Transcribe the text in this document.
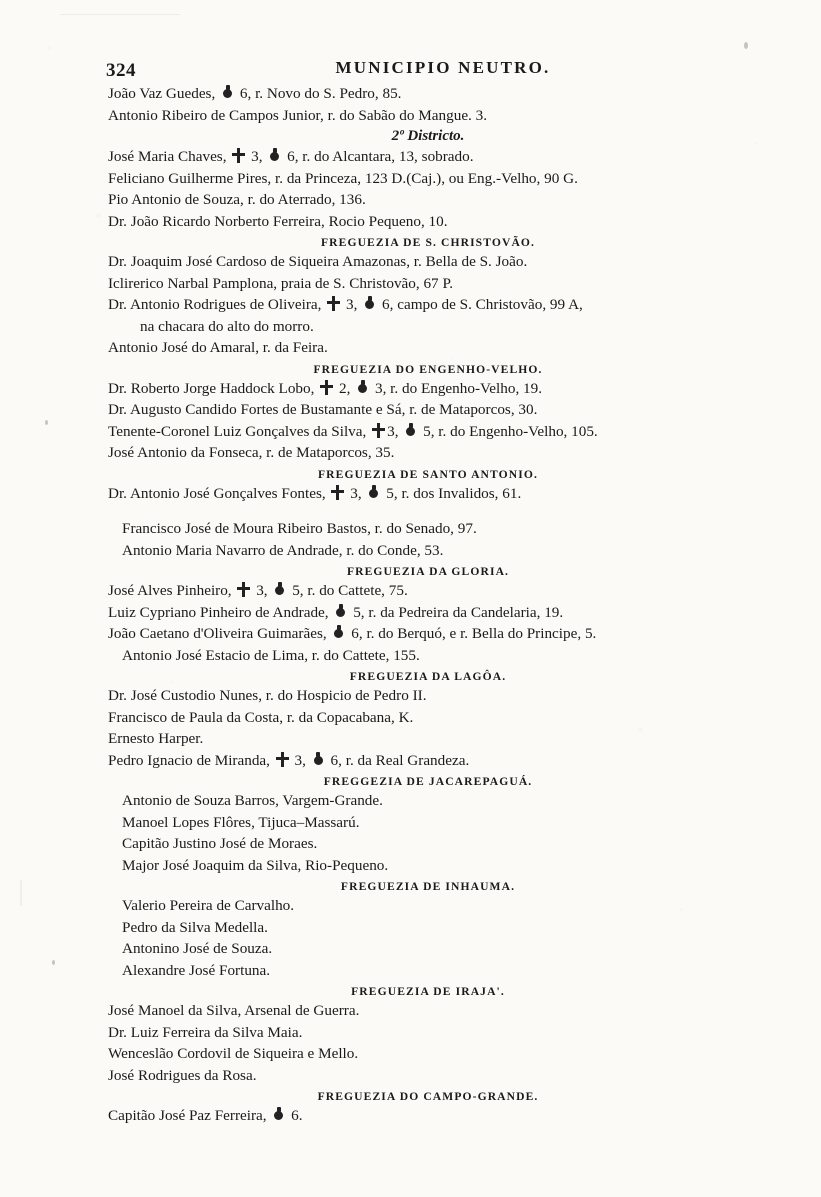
324	MUNICIPIO NEUTRO.
João Vaz Guedes,  6, r. Novo do S. Pedro, 85.
Antonio Ribeiro de Campos Junior, r. do Sabão do Mangue. 3.
2º Districto.
José Maria Chaves,  3,  6, r. do Alcantara, 13, sobrado.
Feliciano Guilherme Pires, r. da Princeza, 123 D.(Caj.), ou Eng.-Velho, 90 G.
Pio Antonio de Souza, r. do Aterrado, 136.
Dr. João Ricardo Norberto Ferreira, Rocio Pequeno, 10.
FREGUEZIA DE S. CHRISTOVÃO.
Dr. Joaquim José Cardoso de Siqueira Amazonas, r. Bella de S. João.
Iclirerico Narbal Pamplona, praia de S. Christovão, 67 P.
Dr. Antonio Rodrigues de Oliveira,  3,  6, campo de S. Christovão, 99 A,
na chacara do alto do morro.
Antonio José do Amaral, r. da Feira.
FREGUEZIA DO ENGENHO-VELHO.
Dr. Roberto Jorge Haddock Lobo,  2,  3, r. do Engenho-Velho, 19.
Dr. Augusto Candido Fortes de Bustamante e Sá, r. de Mataporcos, 30.
Tenente-Coronel Luiz Gonçalves da Silva, 3,  5, r. do Engenho-Velho, 105.
José Antonio da Fonseca, r. de Mataporcos, 35.
FREGUEZIA DE SANTO ANTONIO.
Dr. Antonio José Gonçalves Fontes,  3,  5, r. dos Invalidos, 61.
Francisco José de Moura Ribeiro Bastos, r. do Senado, 97.
Antonio Maria Navarro de Andrade, r. do Conde, 53.
FREGUEZIA DA GLORIA.
José Alves Pinheiro,  3,  5, r. do Cattete, 75.
Luiz Cypriano Pinheiro de Andrade,  5, r. da Pedreira da Candelaria, 19.
João Caetano d'Oliveira Guimarães,  6, r. do Berquó, e r. Bella do Principe, 5.
Antonio José Estacio de Lima, r. do Cattete, 155.
FREGUEZIA DA LAGÔA.
Dr. José Custodio Nunes, r. do Hospicio de Pedro II.
Francisco de Paula da Costa, r. da Copacabana, K.
Ernesto Harper.
Pedro Ignacio de Miranda,  3,  6, r. da Real Grandeza.
FREGGEZIA DE JACAREPAGUÁ.
Antonio de Souza Barros, Vargem-Grande.
Manoel Lopes Flôres, Tijuca–Massarú.
Capitão Justino José de Moraes.
Major José Joaquim da Silva, Rio-Pequeno.
FREGUEZIA DE INHAUMA.
Valerio Pereira de Carvalho.
Pedro da Silva Medella.
Antonino José de Souza.
Alexandre José Fortuna.
FREGUEZIA DE IRAJA'.
José Manoel da Silva, Arsenal de Guerra.
Dr. Luiz Ferreira da Silva Maia.
Wenceslão Cordovil de Siqueira e Mello.
José Rodrigues da Rosa.
FREGUEZIA DO CAMPO-GRANDE.
Capitão José Paz Ferreira,  6.
